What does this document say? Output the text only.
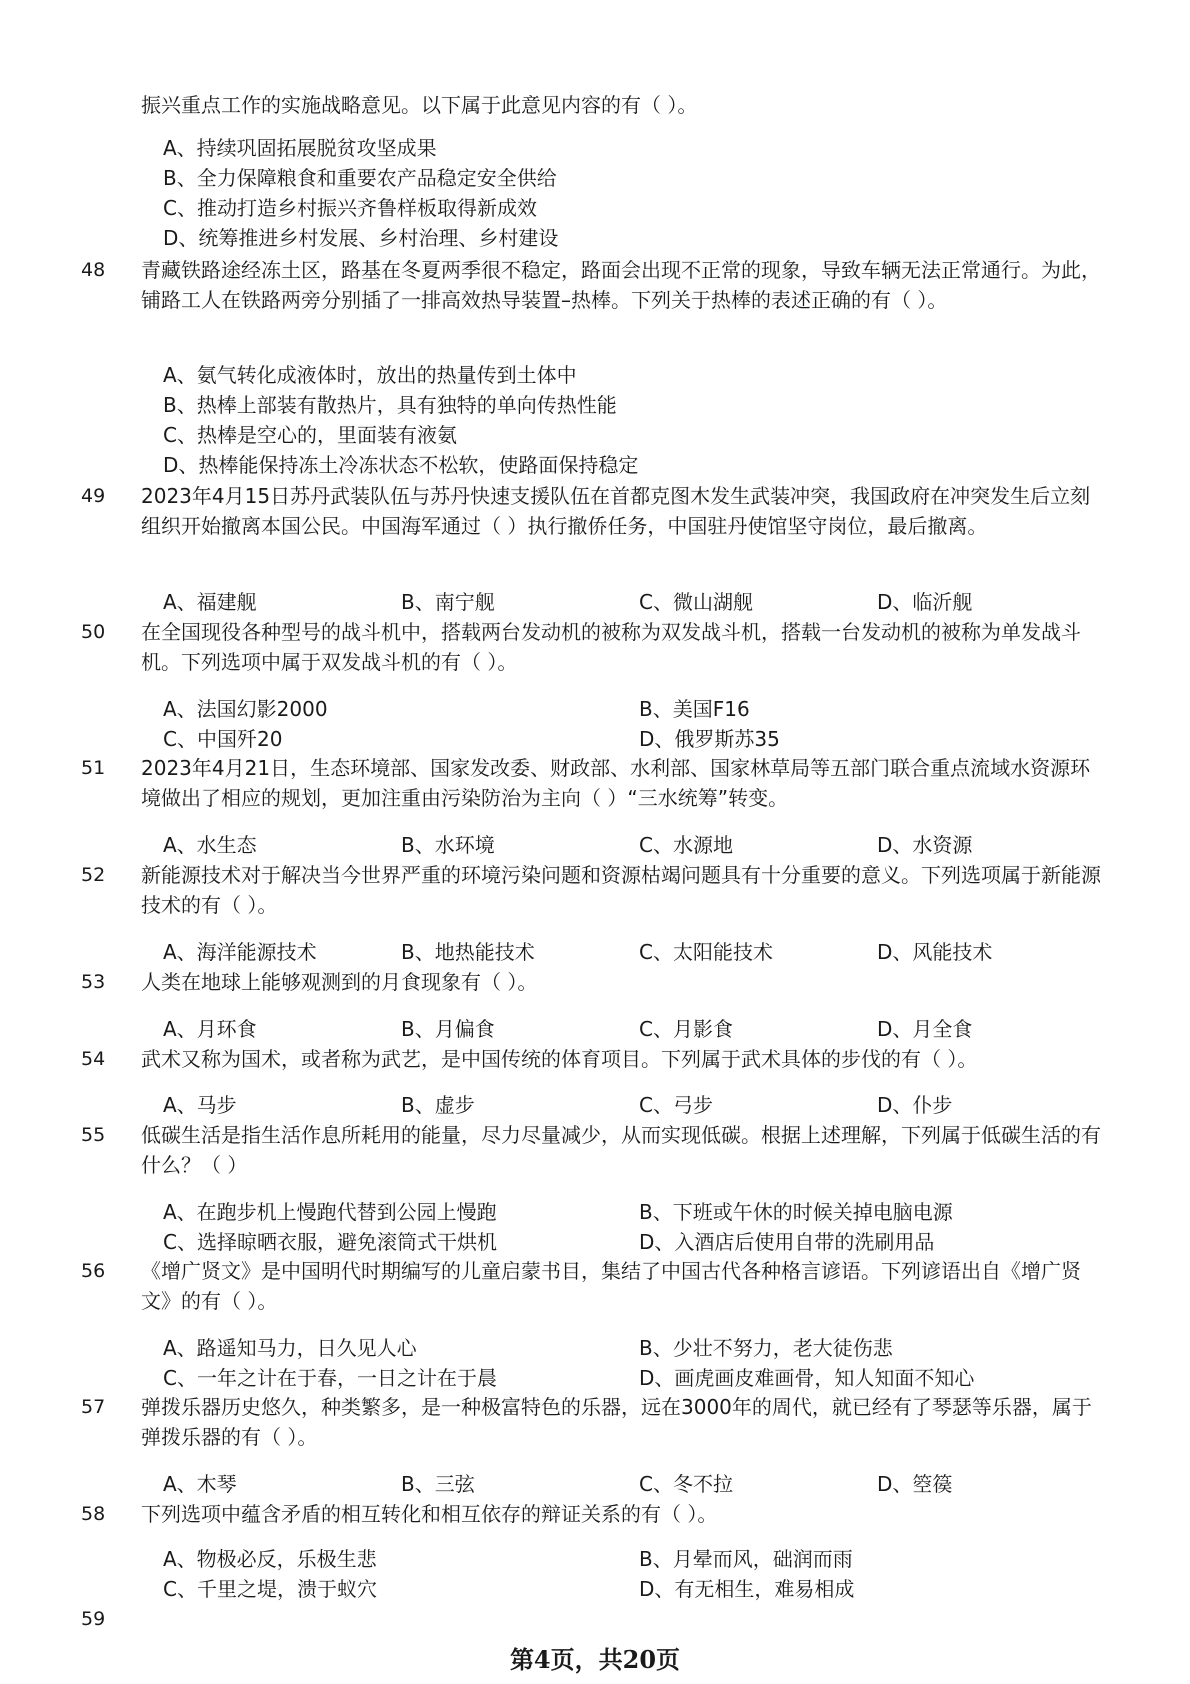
振兴重点工作的实施战略意见。以下属于此意见内容的有（ ）。
A、持续巩固拓展脱贫攻坚成果
B、全力保障粮食和重要农产品稳定安全供给
C、推动打造乡村振兴齐鲁样板取得新成效
D、统筹推进乡村发展、乡村治理、乡村建设
48 青藏铁路途经冻土区，路基在冬夏两季很不稳定，路面会出现不正常的现象，导致车辆无法正常通行。为此，铺路工人在铁路两旁分别插了一排高效热导装置–热棒。下列关于热棒的表述正确的有（ ）。
A、氨气转化成液体时，放出的热量传到土体中
B、热棒上部装有散热片，具有独特的单向传热性能
C、热棒是空心的，里面装有液氨
D、热棒能保持冻土冷冻状态不松软，使路面保持稳定
49 2023年4月15日苏丹武装队伍与苏丹快速支援队伍在首都克图木发生武装冲突，我国政府在冲突发生后立刻组织开始撤离本国公民。中国海军通过（ ）执行撤侨任务，中国驻丹使馆坚守岗位，最后撤离。
A、福建舰	B、南宁舰	C、微山湖舰	D、临沂舰
50 在全国现役各种型号的战斗机中，搭载两台发动机的被称为双发战斗机，搭载一台发动机的被称为单发战斗机。下列选项中属于双发战斗机的有（ ）。
A、法国幻影2000	B、美国F16
C、中国歼20	D、俄罗斯苏35
51 2023年4月21日，生态环境部、国家发改委、财政部、水利部、国家林草局等五部门联合重点流域水资源环境做出了相应的规划，更加注重由污染防治为主向（ ）“三水统筹”转变。
A、水生态	B、水环境	C、水源地	D、水资源
52 新能源技术对于解决当今世界严重的环境污染问题和资源枯竭问题具有十分重要的意义。下列选项属于新能源技术的有（ ）。
A、海洋能源技术	B、地热能技术	C、太阳能技术	D、风能技术
53 人类在地球上能够观测到的月食现象有（ ）。
A、月环食	B、月偏食	C、月影食	D、月全食
54 武术又称为国术，或者称为武艺，是中国传统的体育项目。下列属于武术具体的步伐的有（ ）。
A、马步	B、虚步	C、弓步	D、仆步
55 低碳生活是指生活作息所耗用的能量，尽力尽量减少，从而实现低碳。根据上述理解，下列属于低碳生活的有什么？（ ）
A、在跑步机上慢跑代替到公园上慢跑	B、下班或午休的时候关掉电脑电源
C、选择晾晒衣服，避免滚筒式干烘机	D、入酒店后使用自带的洗刷用品
56 《增广贤文》是中国明代时期编写的儿童启蒙书目，集结了中国古代各种格言谚语。下列谚语出自《增广贤文》的有（ ）。
A、路遥知马力，日久见人心	B、少壮不努力，老大徒伤悲
C、一年之计在于春，一日之计在于晨	D、画虎画皮难画骨，知人知面不知心
57 弹拨乐器历史悠久，种类繁多，是一种极富特色的乐器，远在3000年的周代，就已经有了琴瑟等乐器，属于弹拨乐器的有（ ）。
A、木琴	B、三弦	C、冬不拉	D、箜篌
58 下列选项中蕴含矛盾的相互转化和相互依存的辩证关系的有（ ）。
A、物极必反，乐极生悲	B、月晕而风，础润而雨
C、千里之堤，溃于蚁穴	D、有无相生，难易相成
59
第4页，共20页
